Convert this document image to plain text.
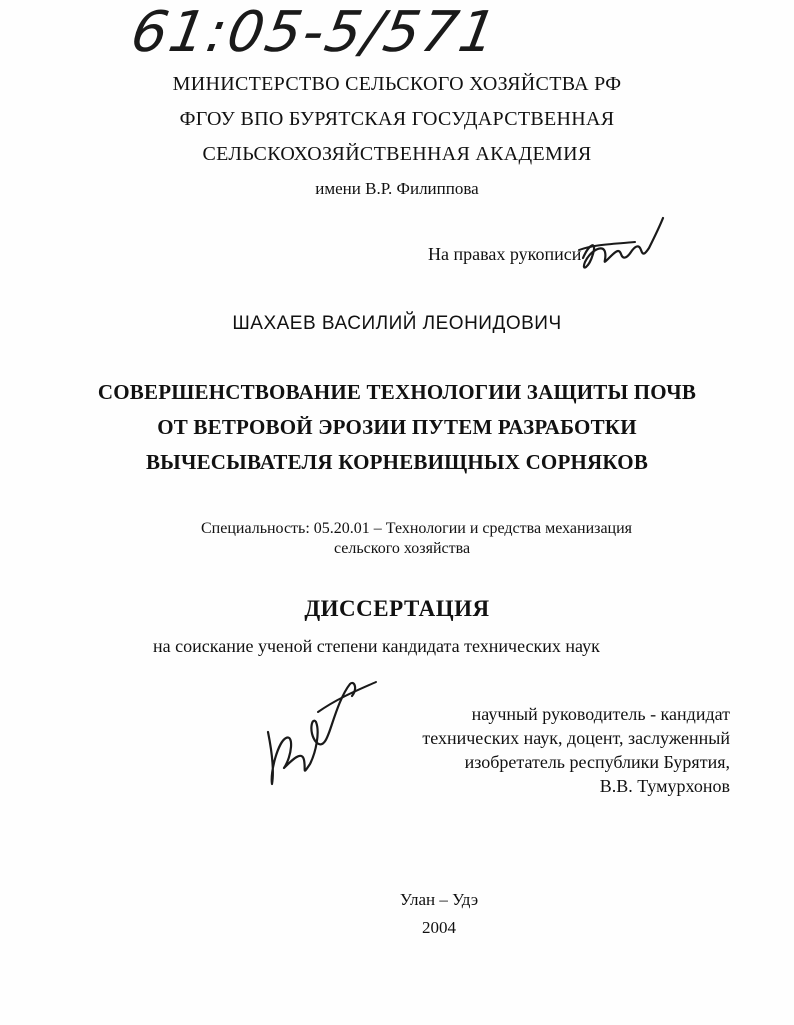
61:05-5/571
МИНИСТЕРСТВО СЕЛЬСКОГО ХОЗЯЙСТВА РФ
ФГОУ ВПО БУРЯТСКАЯ ГОСУДАРСТВЕННАЯ
СЕЛЬСКОХОЗЯЙСТВЕННАЯ АКАДЕМИЯ
имени В.Р. Филиппова
На правах рукописи
ШАХАЕВ ВАСИЛИЙ ЛЕОНИДОВИЧ
СОВЕРШЕНСТВОВАНИЕ ТЕХНОЛОГИИ ЗАЩИТЫ ПОЧВ
ОТ ВЕТРОВОЙ ЭРОЗИИ ПУТЕМ РАЗРАБОТКИ
ВЫЧЕСЫВАТЕЛЯ КОРНЕВИЩНЫХ СОРНЯКОВ
Специальность: 05.20.01 – Технологии и средства механизация
сельского хозяйства
ДИССЕРТАЦИЯ
на соискание ученой степени кандидата технических наук
научный руководитель - кандидат
технических наук, доцент, заслуженный
изобретатель республики Бурятия,
В.В. Тумурхонов
Улан – Удэ
2004
